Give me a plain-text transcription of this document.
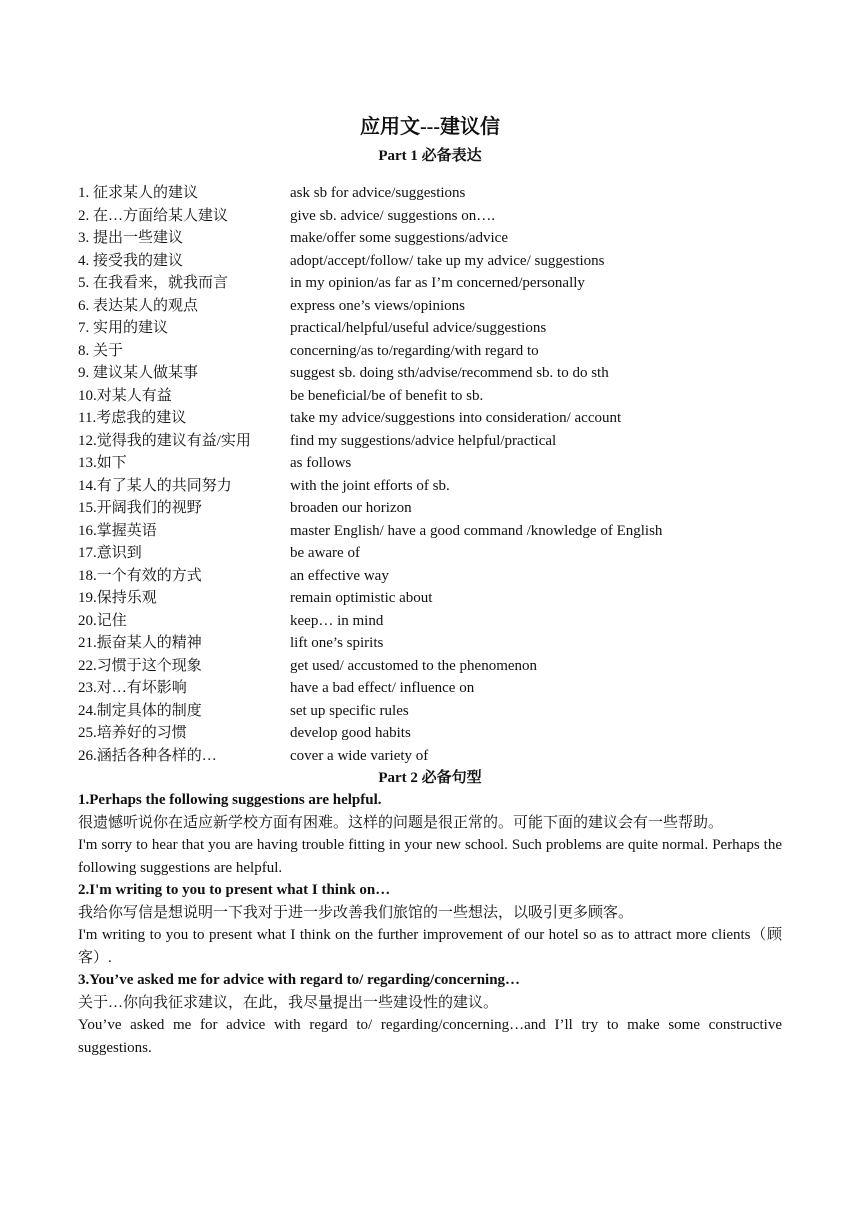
应用文---建议信
Part 1 必备表达
1. 征求某人的建议	ask sb for advice/suggestions
2. 在…方面给某人建议	give sb. advice/ suggestions on….
3. 提出一些建议	make/offer some suggestions/advice
4. 接受我的建议	adopt/accept/follow/ take up my advice/ suggestions
5. 在我看来，就我而言	in my opinion/as far as I’m concerned/personally
6. 表达某人的观点	express one’s views/opinions
7. 实用的建议	practical/helpful/useful advice/suggestions
8. 关于	concerning/as to/regarding/with regard to
9. 建议某人做某事	suggest sb. doing sth/advise/recommend sb. to do sth
10.对某人有益	be beneficial/be of benefit to sb.
11.考虑我的建议	take my advice/suggestions into consideration/ account
12.觉得我的建议有益/实用	find my suggestions/advice helpful/practical
13.如下	as follows
14.有了某人的共同努力	with the joint efforts of sb.
15.开阔我们的视野	broaden our horizon
16.掌握英语	master English/ have a good command /knowledge of English
17.意识到	be aware of
18.一个有效的方式	an effective way
19.保持乐观	remain optimistic about
20.记住	keep… in mind
21.振奋某人的精神	lift one’s spirits
22.习惯于这个现象	get used/ accustomed to the phenomenon
23.对…有坏影响	have a bad effect/ influence on
24.制定具体的制度	set up specific rules
25.培养好的习惯	develop good habits
26.涵括各种各样的…	cover a wide variety of
Part 2 必备句型
1.Perhaps the following suggestions are helpful.
很遗憾听说你在适应新学校方面有困难。这样的问题是很正常的。可能下面的建议会有一些帮助。
I'm sorry to hear that you are having trouble fitting in your new school. Such problems are quite normal. Perhaps the following suggestions are helpful.
2.I'm writing to you to present what I think on…
我给你写信是想说明一下我对于进一步改善我们旅馆的一些想法，以吸引更多顾客。
I'm writing to you to present what I think on the further improvement of our hotel so as to attract more clients（顾客）.
3.You’ve asked me for advice with regard to/ regarding/concerning…
关于…你向我征求建议，在此，我尽量提出一些建设性的建议。
You’ve asked me for advice with regard to/ regarding/concerning…and I’ll try to make some constructive suggestions.
